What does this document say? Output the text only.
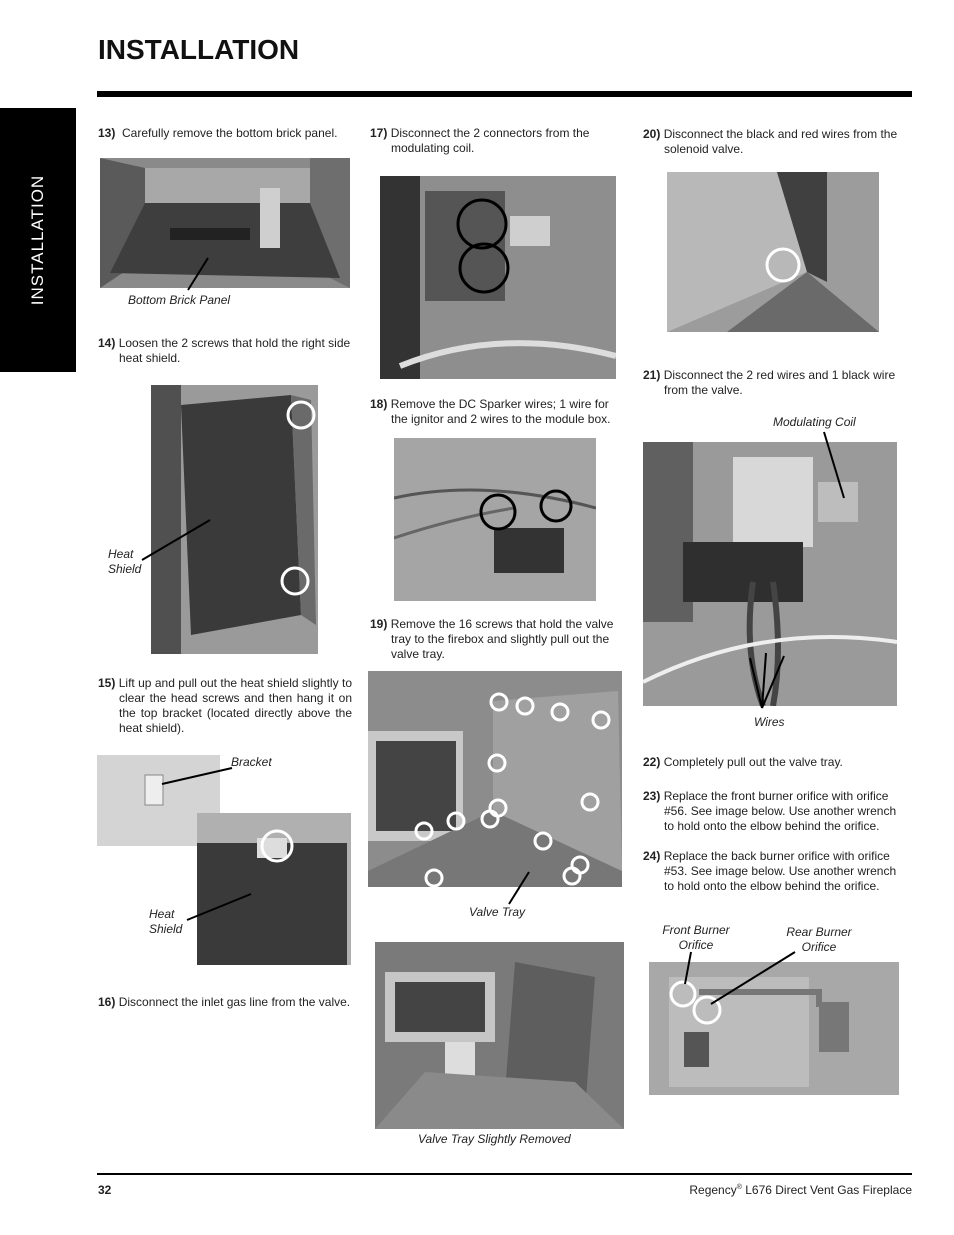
INSTALLATION
INSTALLATION
13) Carefully remove the bottom brick panel.
Bottom Brick Panel
14) Loosen the 2 screws that hold the right side heat shield.
Heat
Shield
15) Lift up and pull out the heat shield slightly to clear the head screws and then hang it on the top bracket (located directly above the heat shield).
Bracket
Heat
Shield
16) Disconnect the inlet gas line from the valve.
17) Disconnect the 2 connectors from the modulating coil.
18) Remove the DC Sparker wires; 1 wire for the ignitor and 2 wires to the module box.
19) Remove the 16 screws that hold the valve tray to the firebox and slightly pull out the valve tray.
Valve Tray
Valve Tray Slightly Removed
20) Disconnect the black and red wires from the solenoid valve.
21) Disconnect the 2 red wires and 1 black wire from the valve.
Modulating Coil
Wires
22) Completely pull out the valve tray.
23) Replace the front burner orifice with orifice #56. See image below. Use another wrench to hold onto the elbow behind the orifice.
24) Replace the back burner orifice with orifice #53. See image below. Use another wrench to hold onto the elbow behind the orifice.
Front Burner
Orifice
Rear Burner
Orifice
32	Regency® L676 Direct Vent Gas Fireplace
